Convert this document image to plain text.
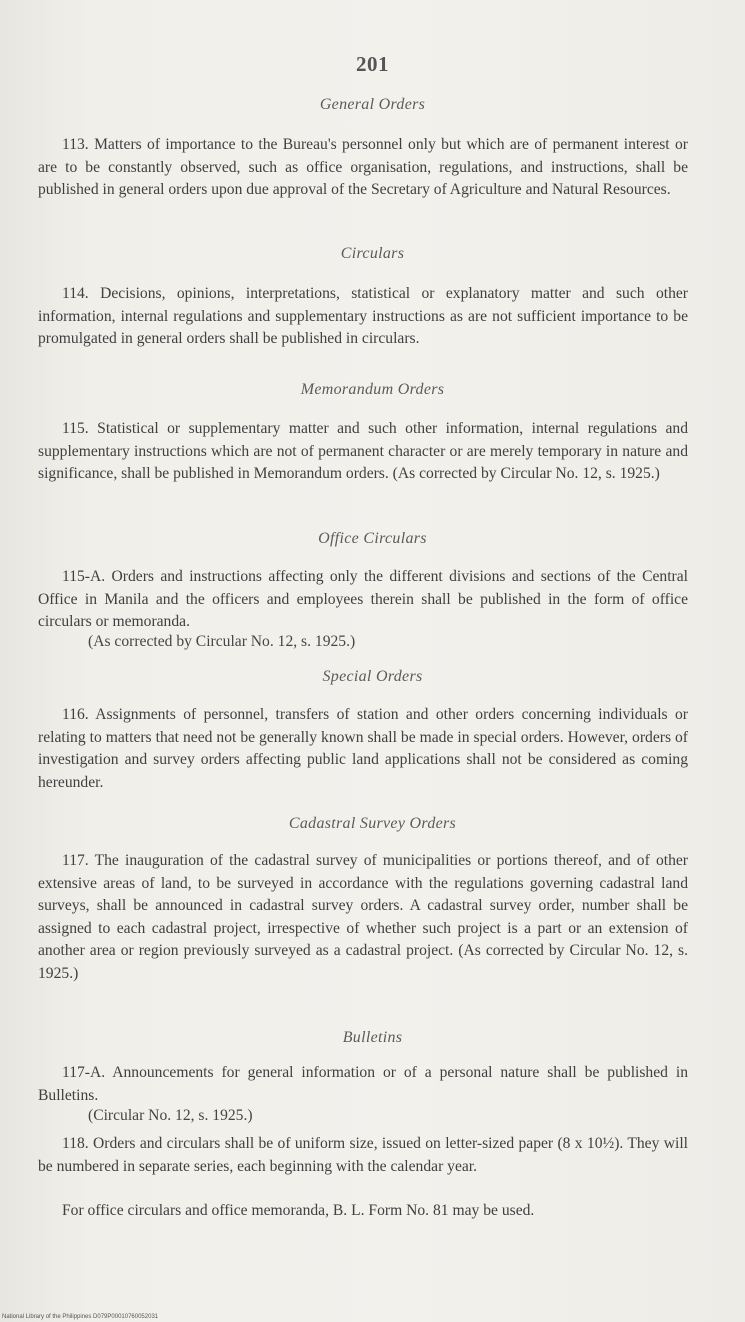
201
General Orders
113. Matters of importance to the Bureau's personnel only but which are of permanent interest or are to be constantly observed, such as office organisation, regulations, and instructions, shall be published in general orders upon due approval of the Secretary of Agriculture and Natural Resources.
Circulars
114. Decisions, opinions, interpretations, statistical or explanatory matter and such other information, internal regulations and supplementary instructions as are not sufficient importance to be promulgated in general orders shall be published in circulars.
Memorandum Orders
115. Statistical or supplementary matter and such other information, internal regulations and supplementary instructions which are not of permanent character or are merely temporary in nature and significance, shall be published in Memorandum orders. (As corrected by Circular No. 12, s. 1925.)
Office Circulars
115-A. Orders and instructions affecting only the different divisions and sections of the Central Office in Manila and the officers and employees therein shall be published in the form of office circulars or memoranda.
(As corrected by Circular No. 12, s. 1925.)
Special Orders
116. Assignments of personnel, transfers of station and other orders concerning individuals or relating to matters that need not be generally known shall be made in special orders. However, orders of investigation and survey orders affecting public land applications shall not be considered as coming hereunder.
Cadastral Survey Orders
117. The inauguration of the cadastral survey of municipalities or portions thereof, and of other extensive areas of land, to be surveyed in accordance with the regulations governing cadastral land surveys, shall be announced in cadastral survey orders. A cadastral survey order, number shall be assigned to each cadastral project, irrespective of whether such project is a part or an extension of another area or region previously surveyed as a cadastral project. (As corrected by Circular No. 12, s. 1925.)
Bulletins
117-A. Announcements for general information or of a personal nature shall be published in Bulletins.
(Circular No. 12, s. 1925.)
118. Orders and circulars shall be of uniform size, issued on letter-sized paper (8 x 10½). They will be numbered in separate series, each beginning with the calendar year.
For office circulars and office memoranda, B. L. Form No. 81 may be used.
National Library of the Philippines D079P00010760052031
